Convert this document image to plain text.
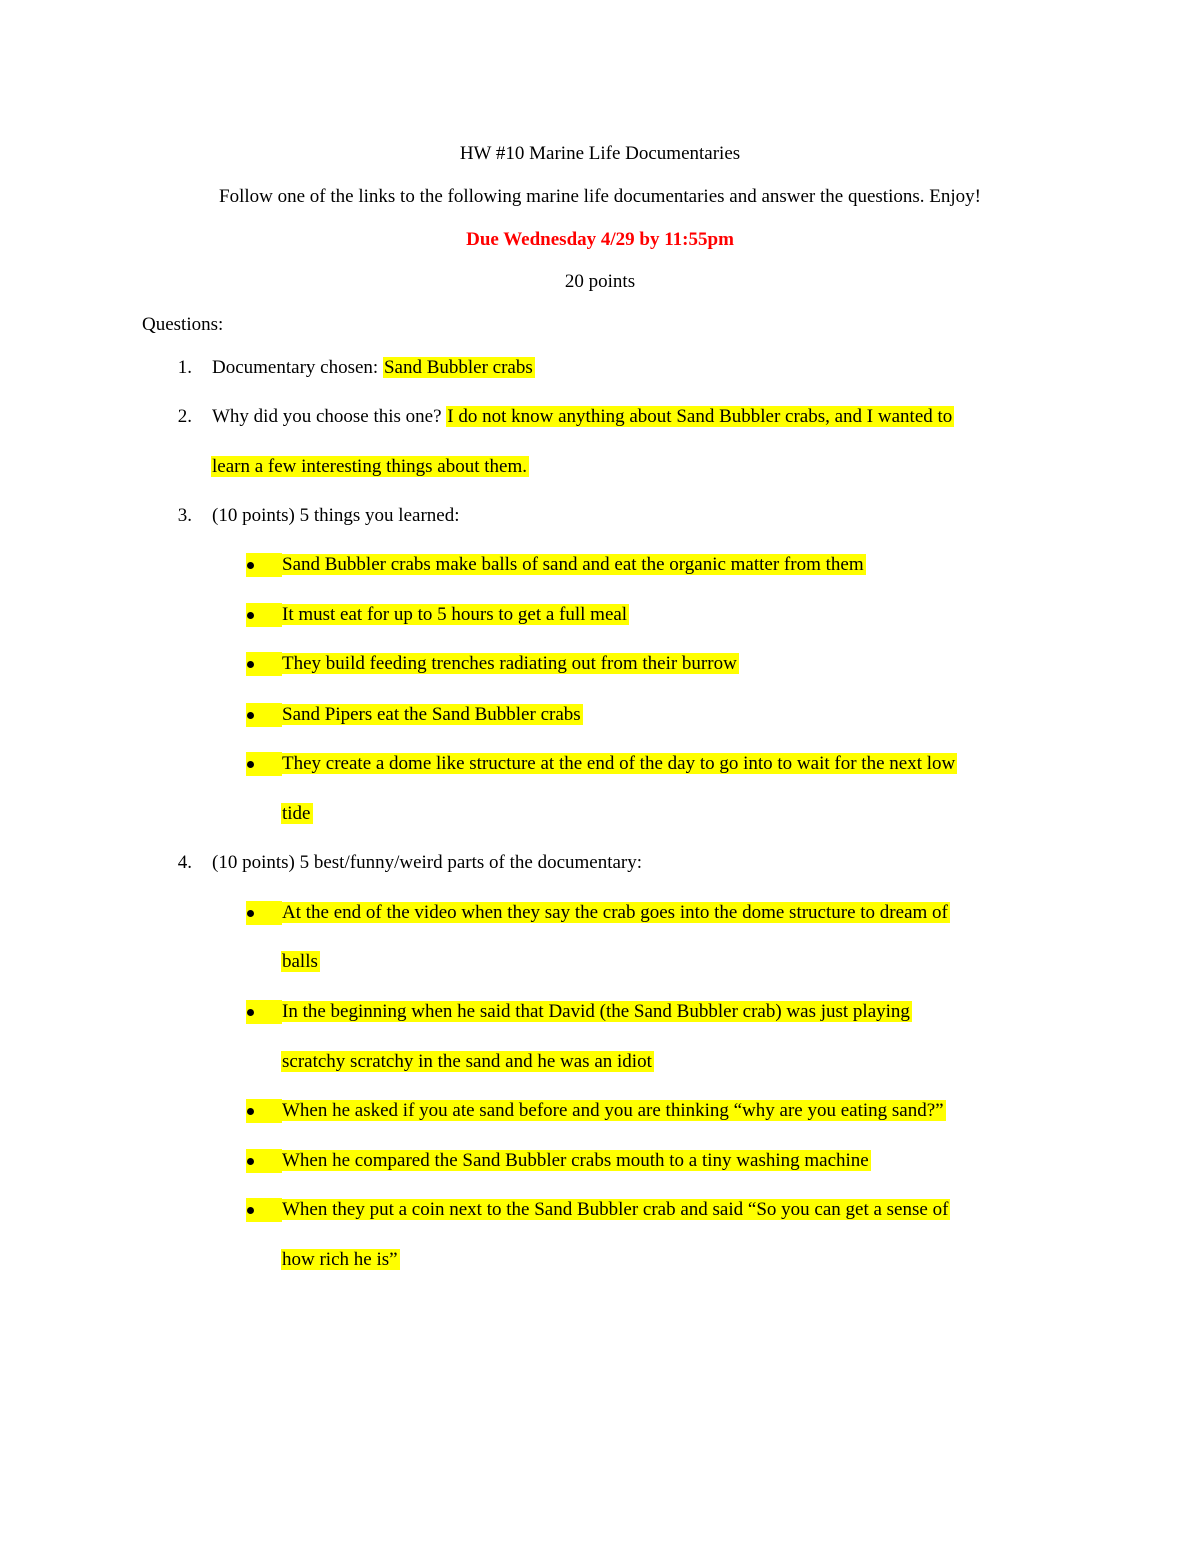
HW #10 Marine Life Documentaries
Follow one of the links to the following marine life documentaries and answer the questions. Enjoy!
Due Wednesday 4/29 by 11:55pm
20 points
Questions:
1. Documentary chosen: Sand Bubbler crabs
2. Why did you choose this one? I do not know anything about Sand Bubbler crabs, and I wanted to
learn a few interesting things about them.
3. (10 points) 5 things you learned:
Sand Bubbler crabs make balls of sand and eat the organic matter from them
It must eat for up to 5 hours to get a full meal
They build feeding trenches radiating out from their burrow
Sand Pipers eat the Sand Bubbler crabs
They create a dome like structure at the end of the day to go into to wait for the next low
tide
4. (10 points) 5 best/funny/weird parts of the documentary:
At the end of the video when they say the crab goes into the dome structure to dream of
balls
In the beginning when he said that David (the Sand Bubbler crab) was just playing
scratchy scratchy in the sand and he was an idiot
When he asked if you ate sand before and you are thinking “why are you eating sand?”
When he compared the Sand Bubbler crabs mouth to a tiny washing machine
When they put a coin next to the Sand Bubbler crab and said “So you can get a sense of
how rich he is”
